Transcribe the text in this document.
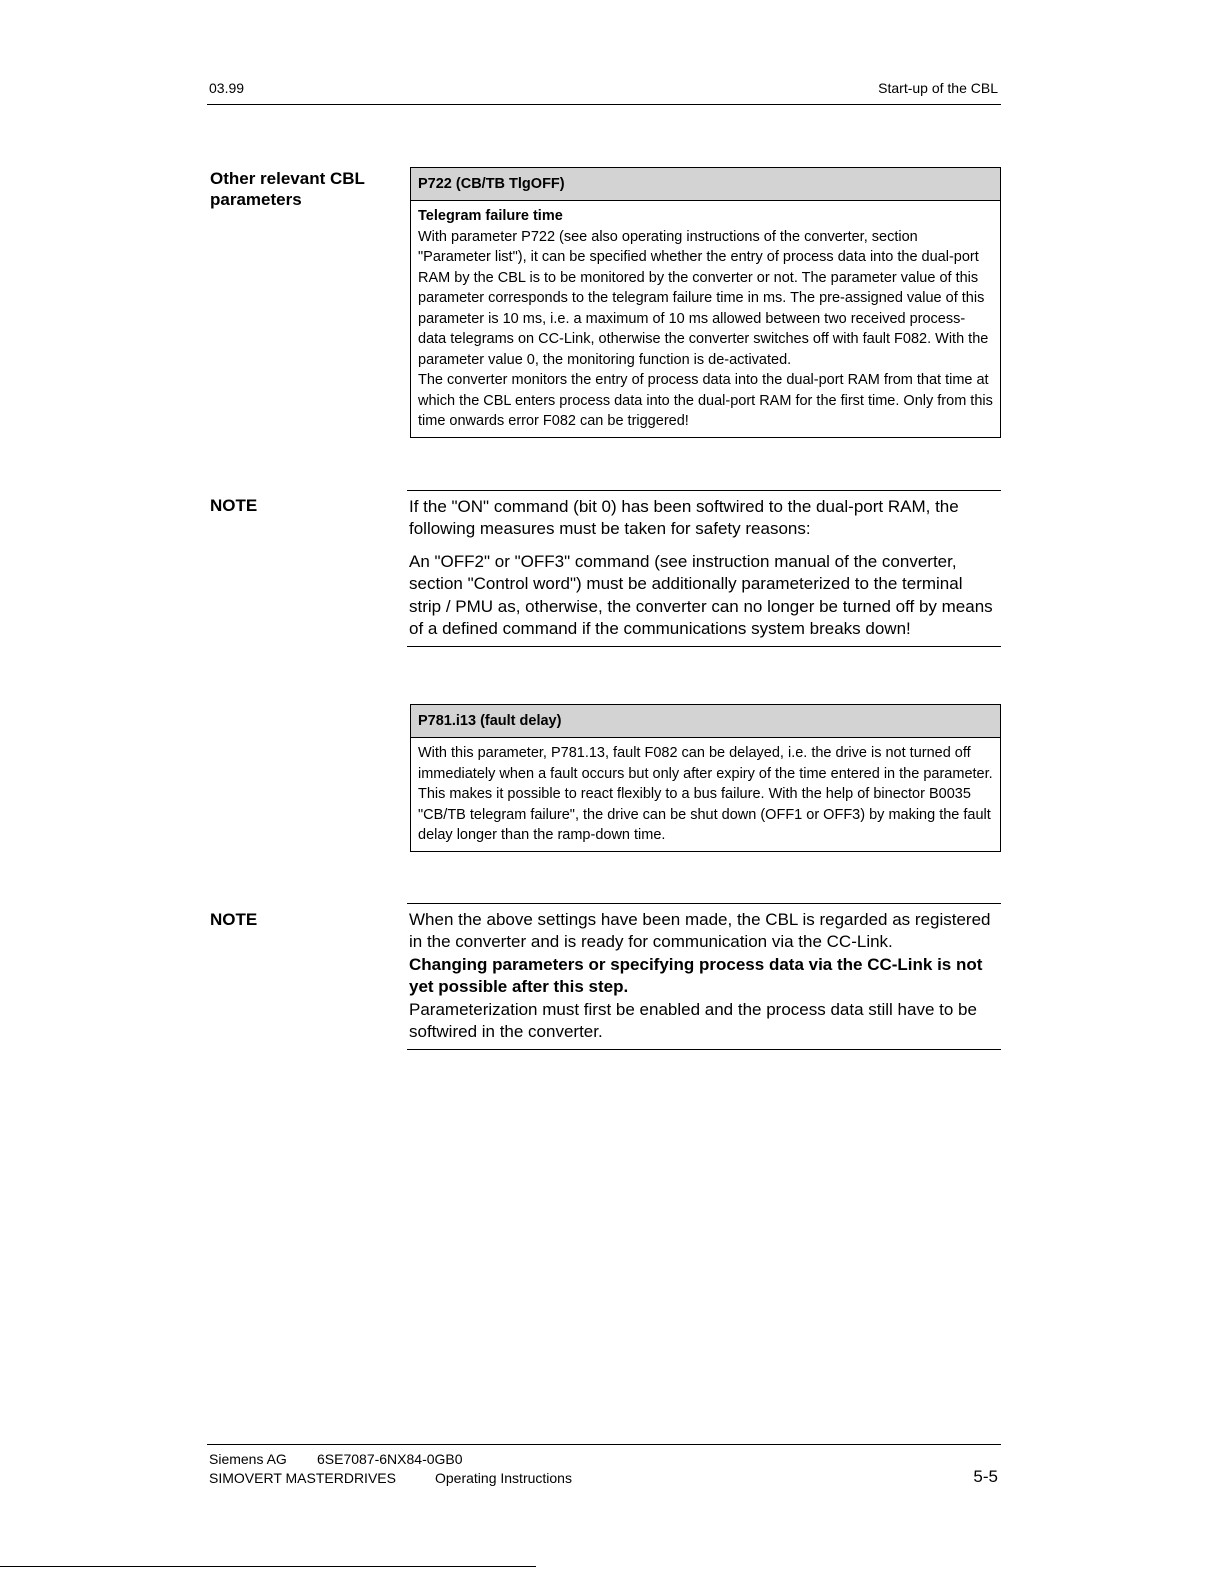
03.99	Start-up of the CBL
Other relevant CBL parameters
NOTE
NOTE
P722 (CB/TB TlgOFF)
Telegram failure time

With parameter P722 (see also operating instructions of the converter, section "Parameter list"), it can be specified whether the entry of process data into the dual-port RAM by the CBL is to be monitored by the converter or not. The parameter value of this parameter corresponds to the telegram failure time in ms. The pre-assigned value of this parameter is 10 ms, i.e. a maximum of 10 ms allowed between two received process-data telegrams on CC-Link, otherwise the converter switches off with fault F082. With the parameter value 0, the monitoring function is de-activated.

The converter monitors the entry of process data into the dual-port RAM from that time at which the CBL enters process data into the dual-port RAM for the first time. Only from this time onwards error F082 can be triggered!

If the "ON" command (bit 0) has been softwired to the dual-port RAM, the following measures must be taken for safety reasons:

An "OFF2" or "OFF3" command (see instruction manual of the converter, section "Control word") must be additionally parameterized to the terminal strip / PMU as, otherwise, the converter can no longer be turned off by means of a defined command if the communications system breaks down!

P781.i13 (fault delay)

With this parameter, P781.13, fault F082 can be delayed, i.e. the drive is not turned off immediately when a fault occurs but only after expiry of the time entered in the parameter.

This makes it possible to react flexibly to a bus failure. With the help of binector B0035 "CB/TB telegram failure", the drive can be shut down (OFF1 or OFF3) by making the fault delay longer than the ramp-down time.

When the above settings have been made, the CBL is regarded as registered in the converter and is ready for communication via the CC-Link.

Changing parameters or specifying process data via the CC-Link is not yet possible after this step.

Parameterization must first be enabled and the process data still have to be softwired in the converter.

Siemens AG 6SE7087-6NX84-0GB0
SIMOVERT MASTERDRIVES	Operating Instructions	5-5
